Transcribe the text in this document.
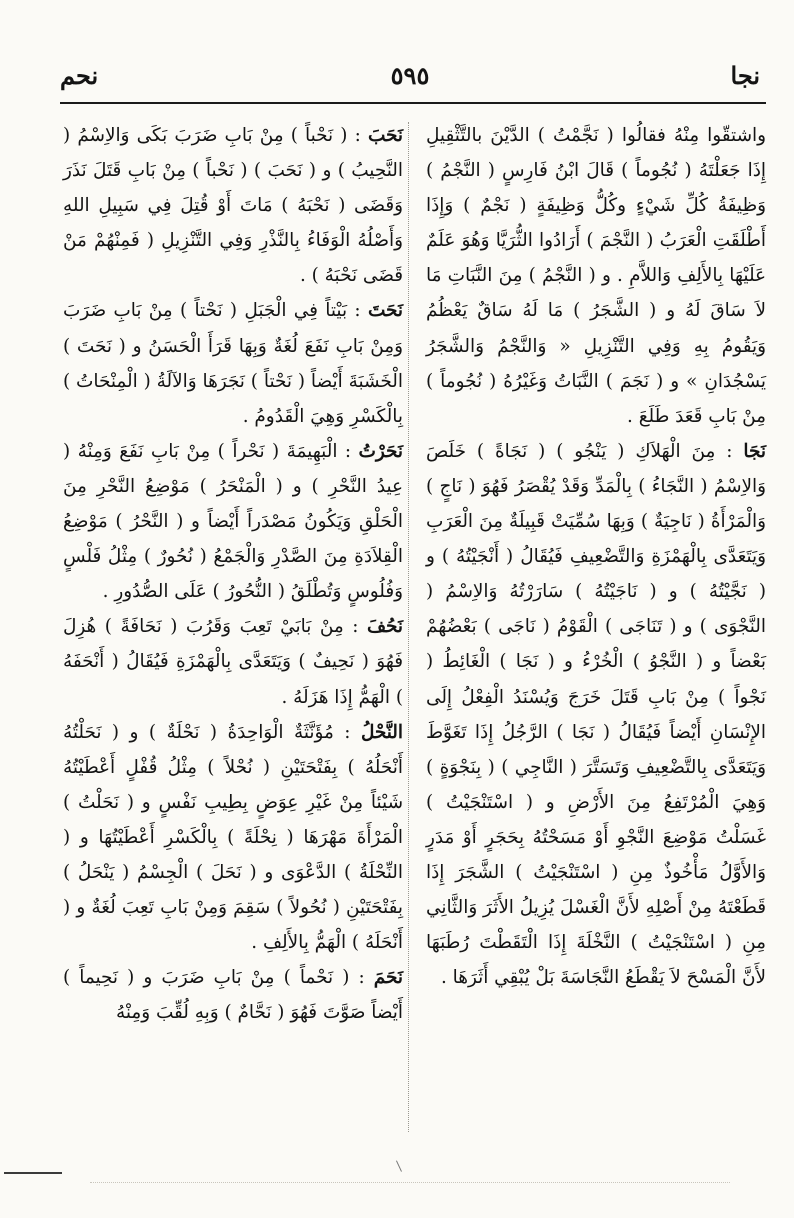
نجا
٥٩٥
نحم

واشتقّوا مِنْهُ فقالُوا ( نَجَّمْتُ ) الدَّيْنَ بالتَّثْقِيلِ إِذَا جَعَلْتَهُ ( نُجُوماً ) قَالَ ابْنُ فَارِسٍ ( النَّجْمُ ) وَظِيفَةُ كُلِّ شَيْءٍ وكُلُّ وَظِيفَةٍ ( نَجْمٌ ) وَإِذَا أَطْلَقَتِ الْعَرَبُ ( النَّجْمَ ) أَرَادُوا الثُّرَيَّا وَهُوَ عَلَمٌ عَلَيْهَا بِالأَلِفِ وَاللاَّمِ . و ( النَّجْمُ ) مِنَ النَّبَاتِ مَا لاَ سَاقَ لَهُ و ( الشَّجَرُ ) مَا لَهُ سَاقٌ يَعْظُمُ وَيَقُومُ بِهِ وَفِي التَّنْزِيلِ « وَالنَّجْمُ وَالشَّجَرُ يَسْجُدَانِ » و ( نَجَمَ ) النَّبَاتُ وَغَيْرُهُ ( نُجُوماً ) مِنْ بَابِ قَعَدَ طَلَعَ .

نَجَا : مِنَ الْهَلاَكِ ( يَنْجُو ) ( نَجَاةً ) خَلَصَ وَالاِسْمُ ( النَّجَاءُ ) بِالْمَدِّ وَقَدْ يُقْصَرُ فَهُوَ ( نَاجٍ ) وَالْمَرْأَةُ ( نَاجِيَةٌ ) وَبِهَا سُمِّيَتْ قَبِيلَةٌ مِنَ الْعَرَبِ وَيَتَعَدَّى بِالْهَمْزَةِ وَالتَّضْعِيفِ فَيُقَالُ ( أَنْجَيْتُهُ ) و ( نَجَّيْتُهُ ) و ( نَاجَيْتُهُ ) سَارَرْتُهُ وَالاِسْمُ ( النَّجْوَى ) و ( تَنَاجَى ) الْقَوْمُ ( نَاجَى ) بَعْضُهُمْ بَعْضاً و ( النَّجْوُ ) الْخُرْءُ و ( نَجَا ) الْغَائِطُ ( نَجْواً ) مِنْ بَابِ قَتَلَ خَرَجَ وَيُسْنَدُ الْفِعْلُ إِلَى الإِنْسَانِ أَيْضاً فَيُقَالُ ( نَجَا ) الرَّجُلُ إِذَا تَغَوَّطَ وَيَتَعَدَّى بِالتَّضْعِيفِ وَتَسَتَّرَ ( النَّاجِي ) ( بِنَجْوَةٍ ) وَهِيَ الْمُرْتَفِعُ مِنَ الأَرْضِ و ( اسْتَنْجَيْتُ ) غَسَلْتُ مَوْضِعَ النَّجْوِ أَوْ مَسَحْتُهُ بِحَجَرٍ أَوْ مَدَرٍ وَالأَوَّلُ مَأْخُوذٌ مِنِ ( اسْتَنْجَيْتُ ) الشَّجَرَ إِذَا قَطَعْتَهُ مِنْ أَصْلِهِ لأَنَّ الْغَسْلَ يُزِيلُ الأَثَرَ وَالثَّانِي مِنِ ( اسْتَنْجَيْتُ ) النَّخْلَةَ إِذَا الْتَقَطْتَ رُطَبَهَا لأَنَّ الْمَسْحَ لاَ يَقْطَعُ النَّجَاسَةَ بَلْ يُبْقِي أَثَرَهَا .

نَحَبَ : ( نَحْباً ) مِنْ بَابِ ضَرَبَ بَكَى وَالاِسْمُ ( النَّحِيبُ ) و ( نَحَبَ ) ( نَحْباً ) مِنْ بَابِ قَتَلَ نَذَرَ وَقَضَى ( نَحْبَهُ ) مَاتَ أَوْ قُتِلَ فِي سَبِيلِ اللهِ وَأَصْلُهُ الْوَفَاءُ بِالنَّذْرِ وَفِي التَّنْزِيلِ ( فَمِنْهُمْ مَنْ قَضَى نَحْبَهُ ) .

نَحَتَ : بَيْتاً فِي الْجَبَلِ ( نَحْتاً ) مِنْ بَابِ ضَرَبَ وَمِنْ بَابِ نَفَعَ لُغَةٌ وَبِهَا قَرَأَ الْحَسَنُ و ( نَحَتَ ) الْخَشَبَةَ أَيْضاً ( نَحْتاً ) نَجَرَهَا وَالآلَةُ ( الْمِنْحَاتُ ) بِالْكَسْرِ وَهِيَ الْقَدُومُ .

نَحَرْتُ : الْبَهِيمَةَ ( نَحْراً ) مِنْ بَابِ نَفَعَ وَمِنْهُ ( عِيدُ النَّحْرِ ) و ( الْمَنْحَرُ ) مَوْضِعُ النَّحْرِ مِنَ الْحَلْقِ وَيَكُونُ مَصْدَراً أَيْضاً و ( النَّحْرُ ) مَوْضِعُ الْقِلاَدَةِ مِنَ الصَّدْرِ وَالْجَمْعُ ( نُحُورٌ ) مِثْلُ فَلْسٍ وَفُلُوسٍ وَتُطْلَقُ ( النُّحُورُ ) عَلَى الصُّدُورِ .

نَحُفَ : مِنْ بَابَيْ تَعِبَ وَقَرُبَ ( نَحَافَةً ) هُزِلَ فَهُوَ ( نَحِيفٌ ) وَيَتَعَدَّى بِالْهَمْزَةِ فَيُقَالُ ( أَنْحَفَهُ ) الْهَمُّ إِذَا هَزَلَهُ .

النَّحْلُ : مُؤَنَّثَةٌ الْوَاحِدَةُ ( نَحْلَةٌ ) و ( نَحَلْتُهُ أَنْحَلُهُ ) بِفَتْحَتَيْنِ ( نُحْلاً ) مِثْلُ قُفْلٍ أَعْطَيْتُهُ شَيْئاً مِنْ غَيْرِ عِوَضٍ بِطِيبِ نَفْسٍ و ( نَحَلْتُ ) الْمَرْأَةَ مَهْرَهَا ( نِحْلَةً ) بِالْكَسْرِ أَعْطَيْتُهَا و ( النِّحْلَةُ ) الدَّعْوَى و ( نَحَلَ ) الْجِسْمُ ( يَنْحَلُ ) بِفَتْحَتَيْنِ ( نُحُولاً ) سَقِمَ وَمِنْ بَابِ تَعِبَ لُغَةٌ و ( أَنْحَلَهُ ) الْهَمُّ بِالأَلِفِ .

نَحَمَ : ( نَحْماً ) مِنْ بَابِ ضَرَبَ و ( نَحِيماً ) أَيْضاً صَوَّتَ فَهُوَ ( نَحَّامٌ ) وَبِهِ لُقِّبَ وَمِنْهُ
